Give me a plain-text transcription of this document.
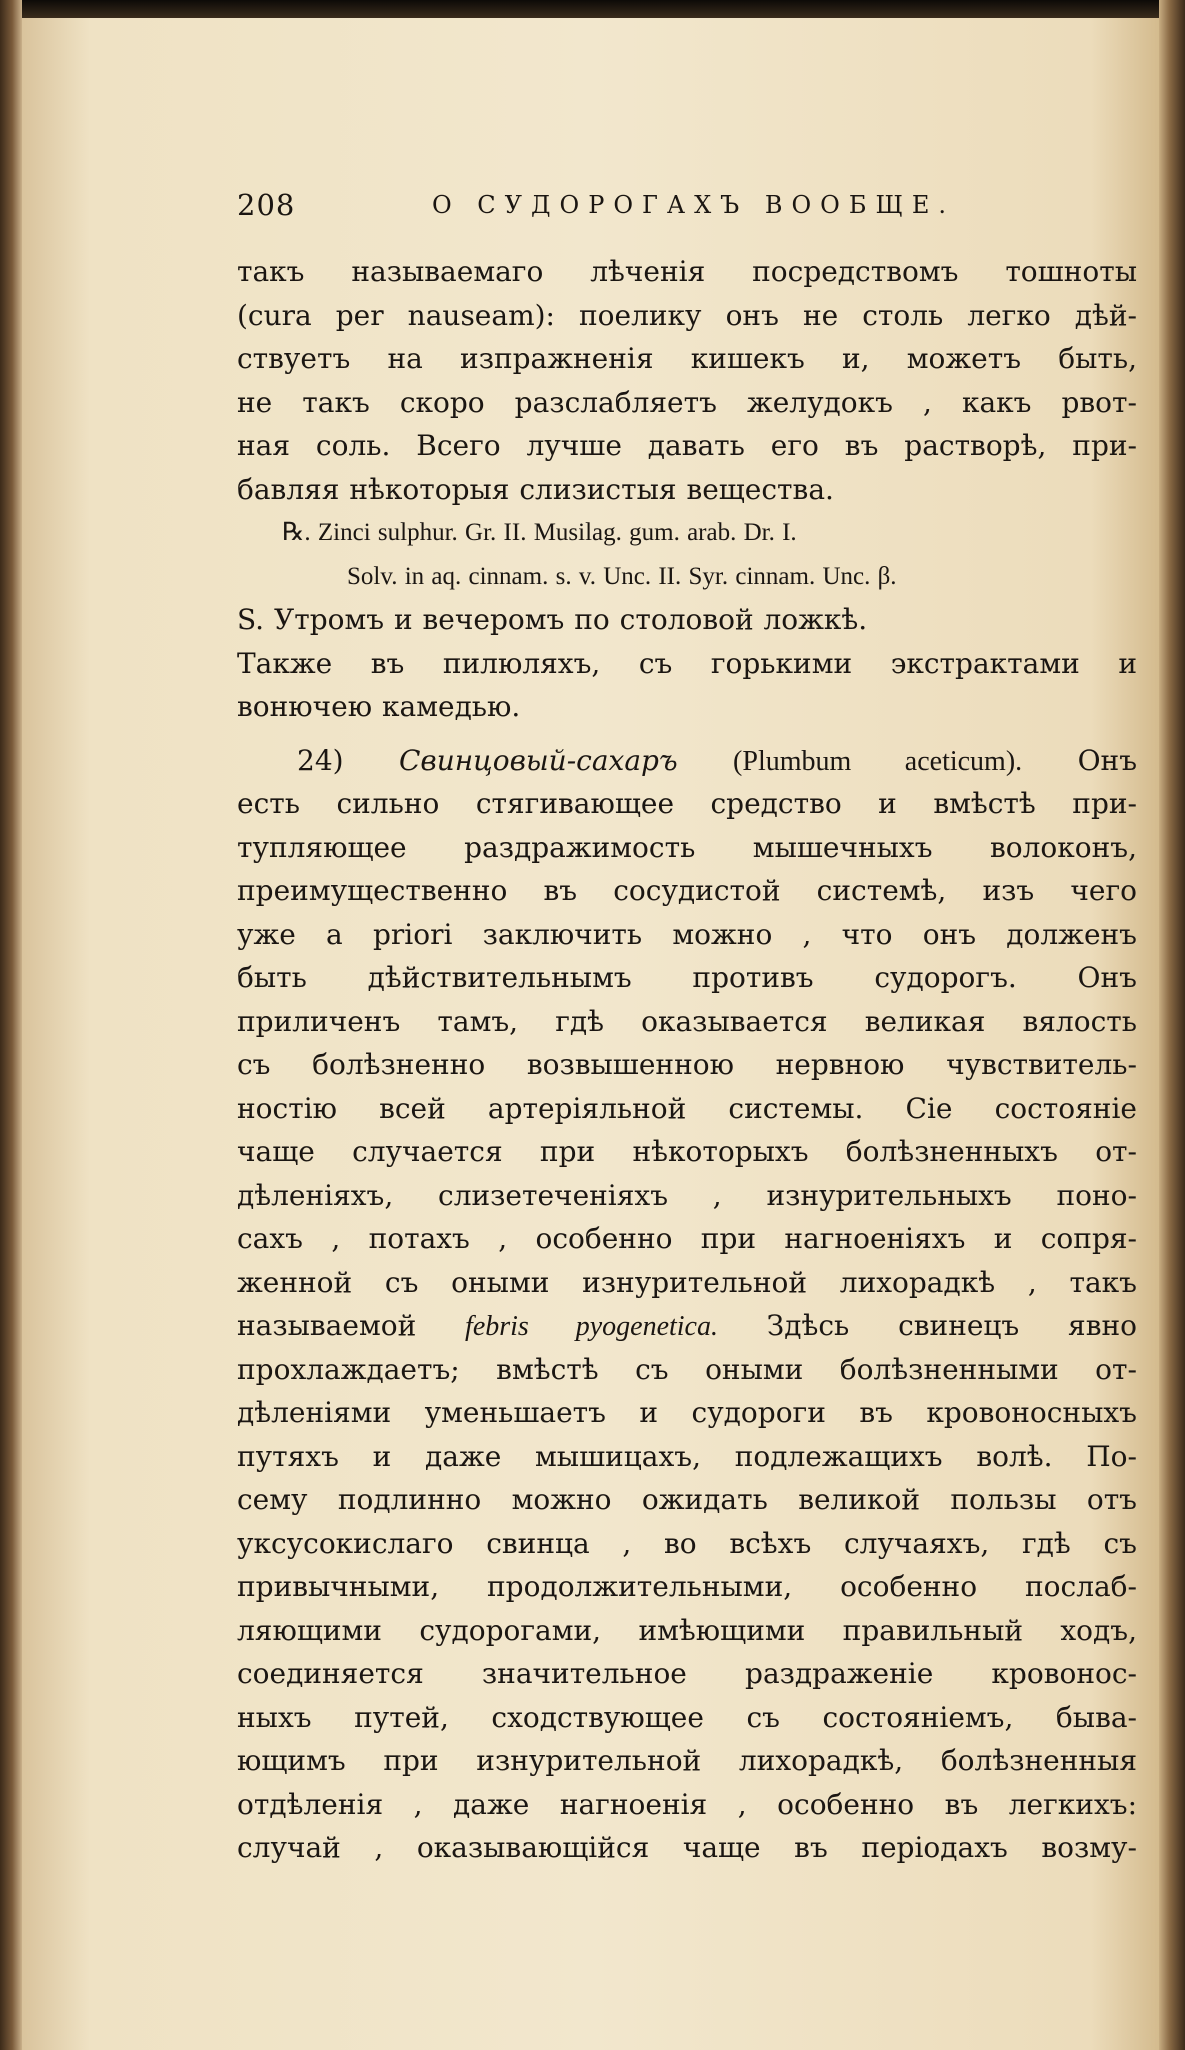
208	О СУДОРОГАХЪ ВООБЩЕ.
такъ называемаго лѣченія посредствомъ тошноты
(cura per nauseam): поелику онъ не столь легко дѣй-
ствуетъ на изпражненія кишекъ и, можетъ быть,
не такъ скоро разслабляетъ желудокъ , какъ рвот-
ная соль. Всего лучше давать его въ растворѣ, при-
бавляя нѣкоторыя слизистыя вещества.
℞. Zinci sulphur. Gr. II. Musilag. gum. arab. Dr. I.
Solv. in aq. cinnam. s. v. Unc. II. Syr. cinnam. Unc. β.
S. Утромъ и вечеромъ по столовой ложкѣ.
Также въ пилюляхъ, съ горькими экстрактами и
вонючею камедью.
24) Свинцовый-сахаръ (Plumbum aceticum). Онъ
есть сильно стягивающее средство и вмѣстѣ при-
тупляющее раздражимость мышечныхъ волоконъ,
преимущественно въ сосудистой системѣ, изъ чего
уже a priori заключить можно , что онъ долженъ
быть дѣйствительнымъ противъ судорогъ. Онъ
приличенъ тамъ, гдѣ оказывается великая вялость
съ болѣзненно возвышенною нервною чувствитель-
ностію всей артеріяльной системы. Сіе состояніе
чаще случается при нѣкоторыхъ болѣзненныхъ от-
дѣленіяхъ, слизетеченіяхъ , изнурительныхъ поно-
сахъ , потахъ , особенно при нагноеніяхъ и сопря-
женной съ оными изнурительной лихорадкѣ , такъ
называемой febris pyogenetica. Здѣсь свинецъ явно
прохлаждаетъ; вмѣстѣ съ оными болѣзненными от-
дѣленіями уменьшаетъ и судороги въ кровоносныхъ
путяхъ и даже мышицахъ, подлежащихъ волѣ. По-
сему подлинно можно ожидать великой пользы отъ
уксусокислаго свинца , во всѣхъ случаяхъ, гдѣ съ
привычными, продолжительными, особенно послаб-
ляющими судорогами, имѣющими правильный ходъ,
соединяется значительное раздраженіе кровонос-
ныхъ путей, сходствующее съ состояніемъ, быва-
ющимъ при изнурительной лихорадкѣ, болѣзненныя
отдѣленія , даже нагноенія , особенно въ легкихъ:
случай , оказывающійся чаще въ періодахъ возму-
